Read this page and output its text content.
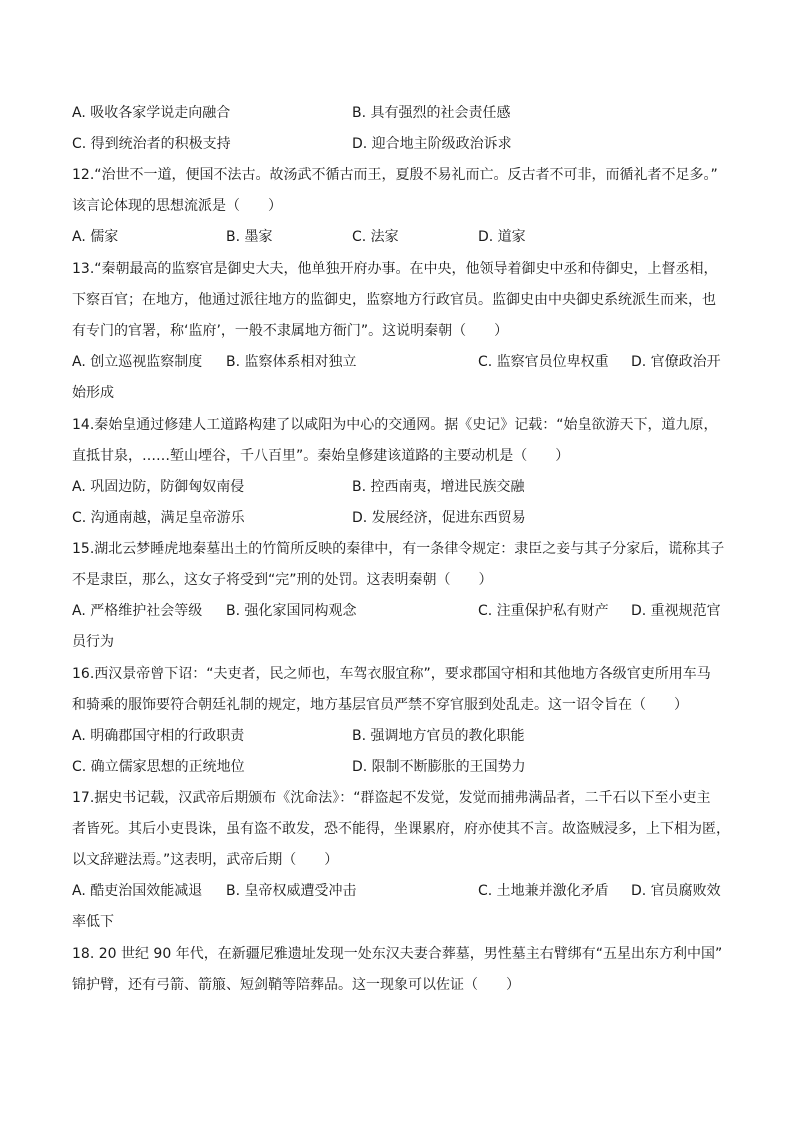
A. 吸收各家学说走向融合	B. 具有强烈的社会责任感
C. 得到统治者的积极支持	D. 迎合地主阶级政治诉求
12.“治世不一道，便国不法古。故汤武不循古而王，夏殷不易礼而亡。反古者不可非，而循礼者不足多。”
该言论体现的思想流派是（　　）
A. 儒家	B. 墨家	C. 法家	D. 道家
13.“秦朝最高的监察官是御史大夫，他单独开府办事。在中央，他领导着御史中丞和侍御史，上督丞相，
下察百官；在地方，他通过派往地方的监御史，监察地方行政官员。监御史由中央御史系统派生而来，也
有专门的官署，称‘监府’，一般不隶属地方衙门”。这说明秦朝（　　）
A. 创立巡视监察制度 B. 监察体系相对独立	C. 监察官员位卑权重 D. 官僚政治开
始形成
14.秦始皇通过修建人工道路构建了以咸阳为中心的交通网。据《史记》记载：“始皇欲游天下，道九原，
直抵甘泉，……堑山堙谷，千八百里”。秦始皇修建该道路的主要动机是（　　）
A. 巩固边防，防御匈奴南侵	B. 控西南夷，增进民族交融
C. 沟通南越，满足皇帝游乐	D. 发展经济，促进东西贸易
15.湖北云梦睡虎地秦墓出土的竹简所反映的秦律中，有一条律令规定：隶臣之妾与其子分家后，谎称其子
不是隶臣，那么，这女子将受到“完”刑的处罚。这表明秦朝（　　）
A. 严格维护社会等级 B. 强化家国同构观念	C. 注重保护私有财产 D. 重视规范官
员行为
16.西汉景帝曾下诏：“夫吏者，民之师也，车驾衣服宜称”，要求郡国守相和其他地方各级官吏所用车马
和骑乘的服饰要符合朝廷礼制的规定，地方基层官员严禁不穿官服到处乱走。这一诏令旨在（　　）
A. 明确郡国守相的行政职责	B. 强调地方官员的教化职能
C. 确立儒家思想的正统地位	D. 限制不断膨胀的王国势力
17.据史书记载，汉武帝后期颁布《沈命法》：“群盗起不发觉，发觉而捕弗满品者，二千石以下至小吏主
者皆死。其后小吏畏诛，虽有盗不敢发，恐不能得，坐课累府，府亦使其不言。故盗贼浸多，上下相为匿，
以文辞避法焉。”这表明，武帝后期（　　）
A. 酷吏治国效能减退 B. 皇帝权威遭受冲击	C. 土地兼并激化矛盾 D. 官员腐败效
率低下
18. 20 世纪 90 年代，在新疆尼雅遗址发现一处东汉夫妻合葬墓，男性墓主右臂绑有“五星出东方利中国”
锦护臂，还有弓箭、箭箙、短剑鞘等陪葬品。这一现象可以佐证（　　）
